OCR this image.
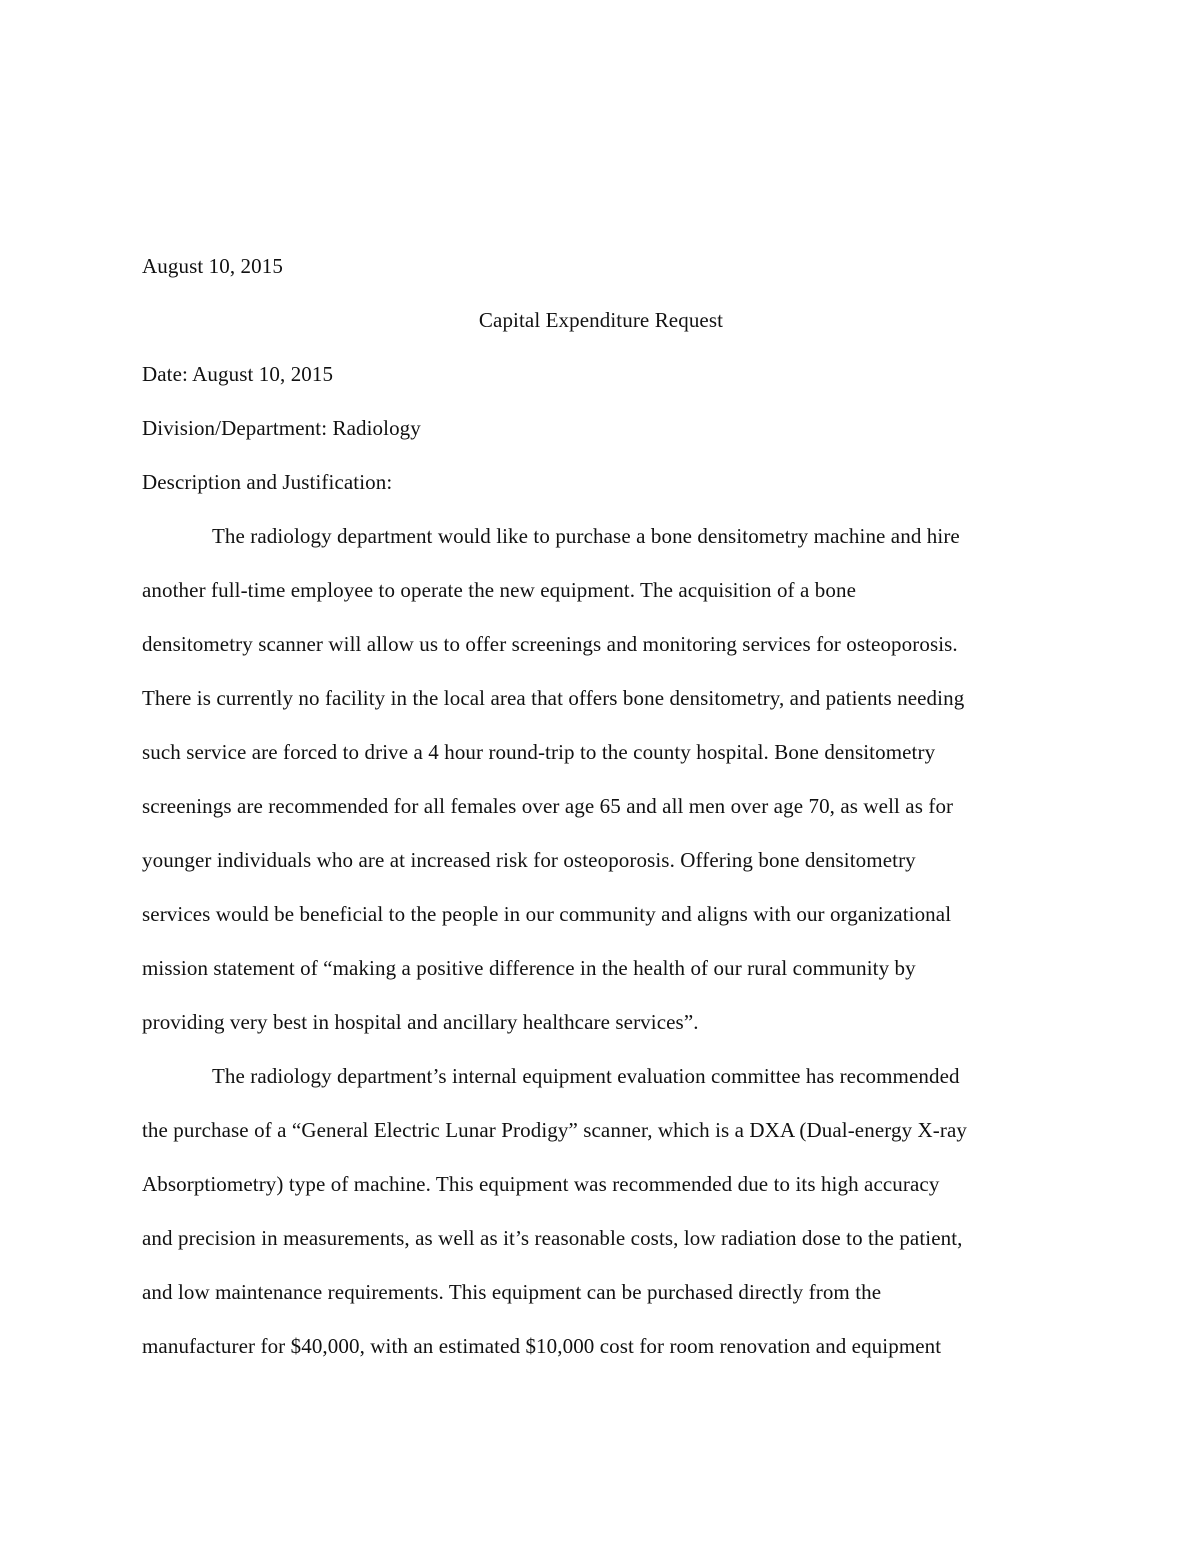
August 10, 2015
Capital Expenditure Request
Date: August 10, 2015
Division/Department: Radiology
Description and Justification:
The radiology department would like to purchase a bone densitometry machine and hire
another full-time employee to operate the new equipment. The acquisition of a bone
densitometry scanner will allow us to offer screenings and monitoring services for osteoporosis.
There is currently no facility in the local area that offers bone densitometry, and patients needing
such service are forced to drive a 4 hour round-trip to the county hospital. Bone densitometry
screenings are recommended for all females over age 65 and all men over age 70, as well as for
younger individuals who are at increased risk for osteoporosis. Offering bone densitometry
services would be beneficial to the people in our community and aligns with our organizational
mission statement of “making a positive difference in the health of our rural community by
providing very best in hospital and ancillary healthcare services”.
The radiology department’s internal equipment evaluation committee has recommended
the purchase of a “General Electric Lunar Prodigy” scanner, which is a DXA (Dual-energy X-ray
Absorptiometry) type of machine. This equipment was recommended due to its high accuracy
and precision in measurements, as well as it’s reasonable costs, low radiation dose to the patient,
and low maintenance requirements. This equipment can be purchased directly from the
manufacturer for $40,000, with an estimated $10,000 cost for room renovation and equipment
